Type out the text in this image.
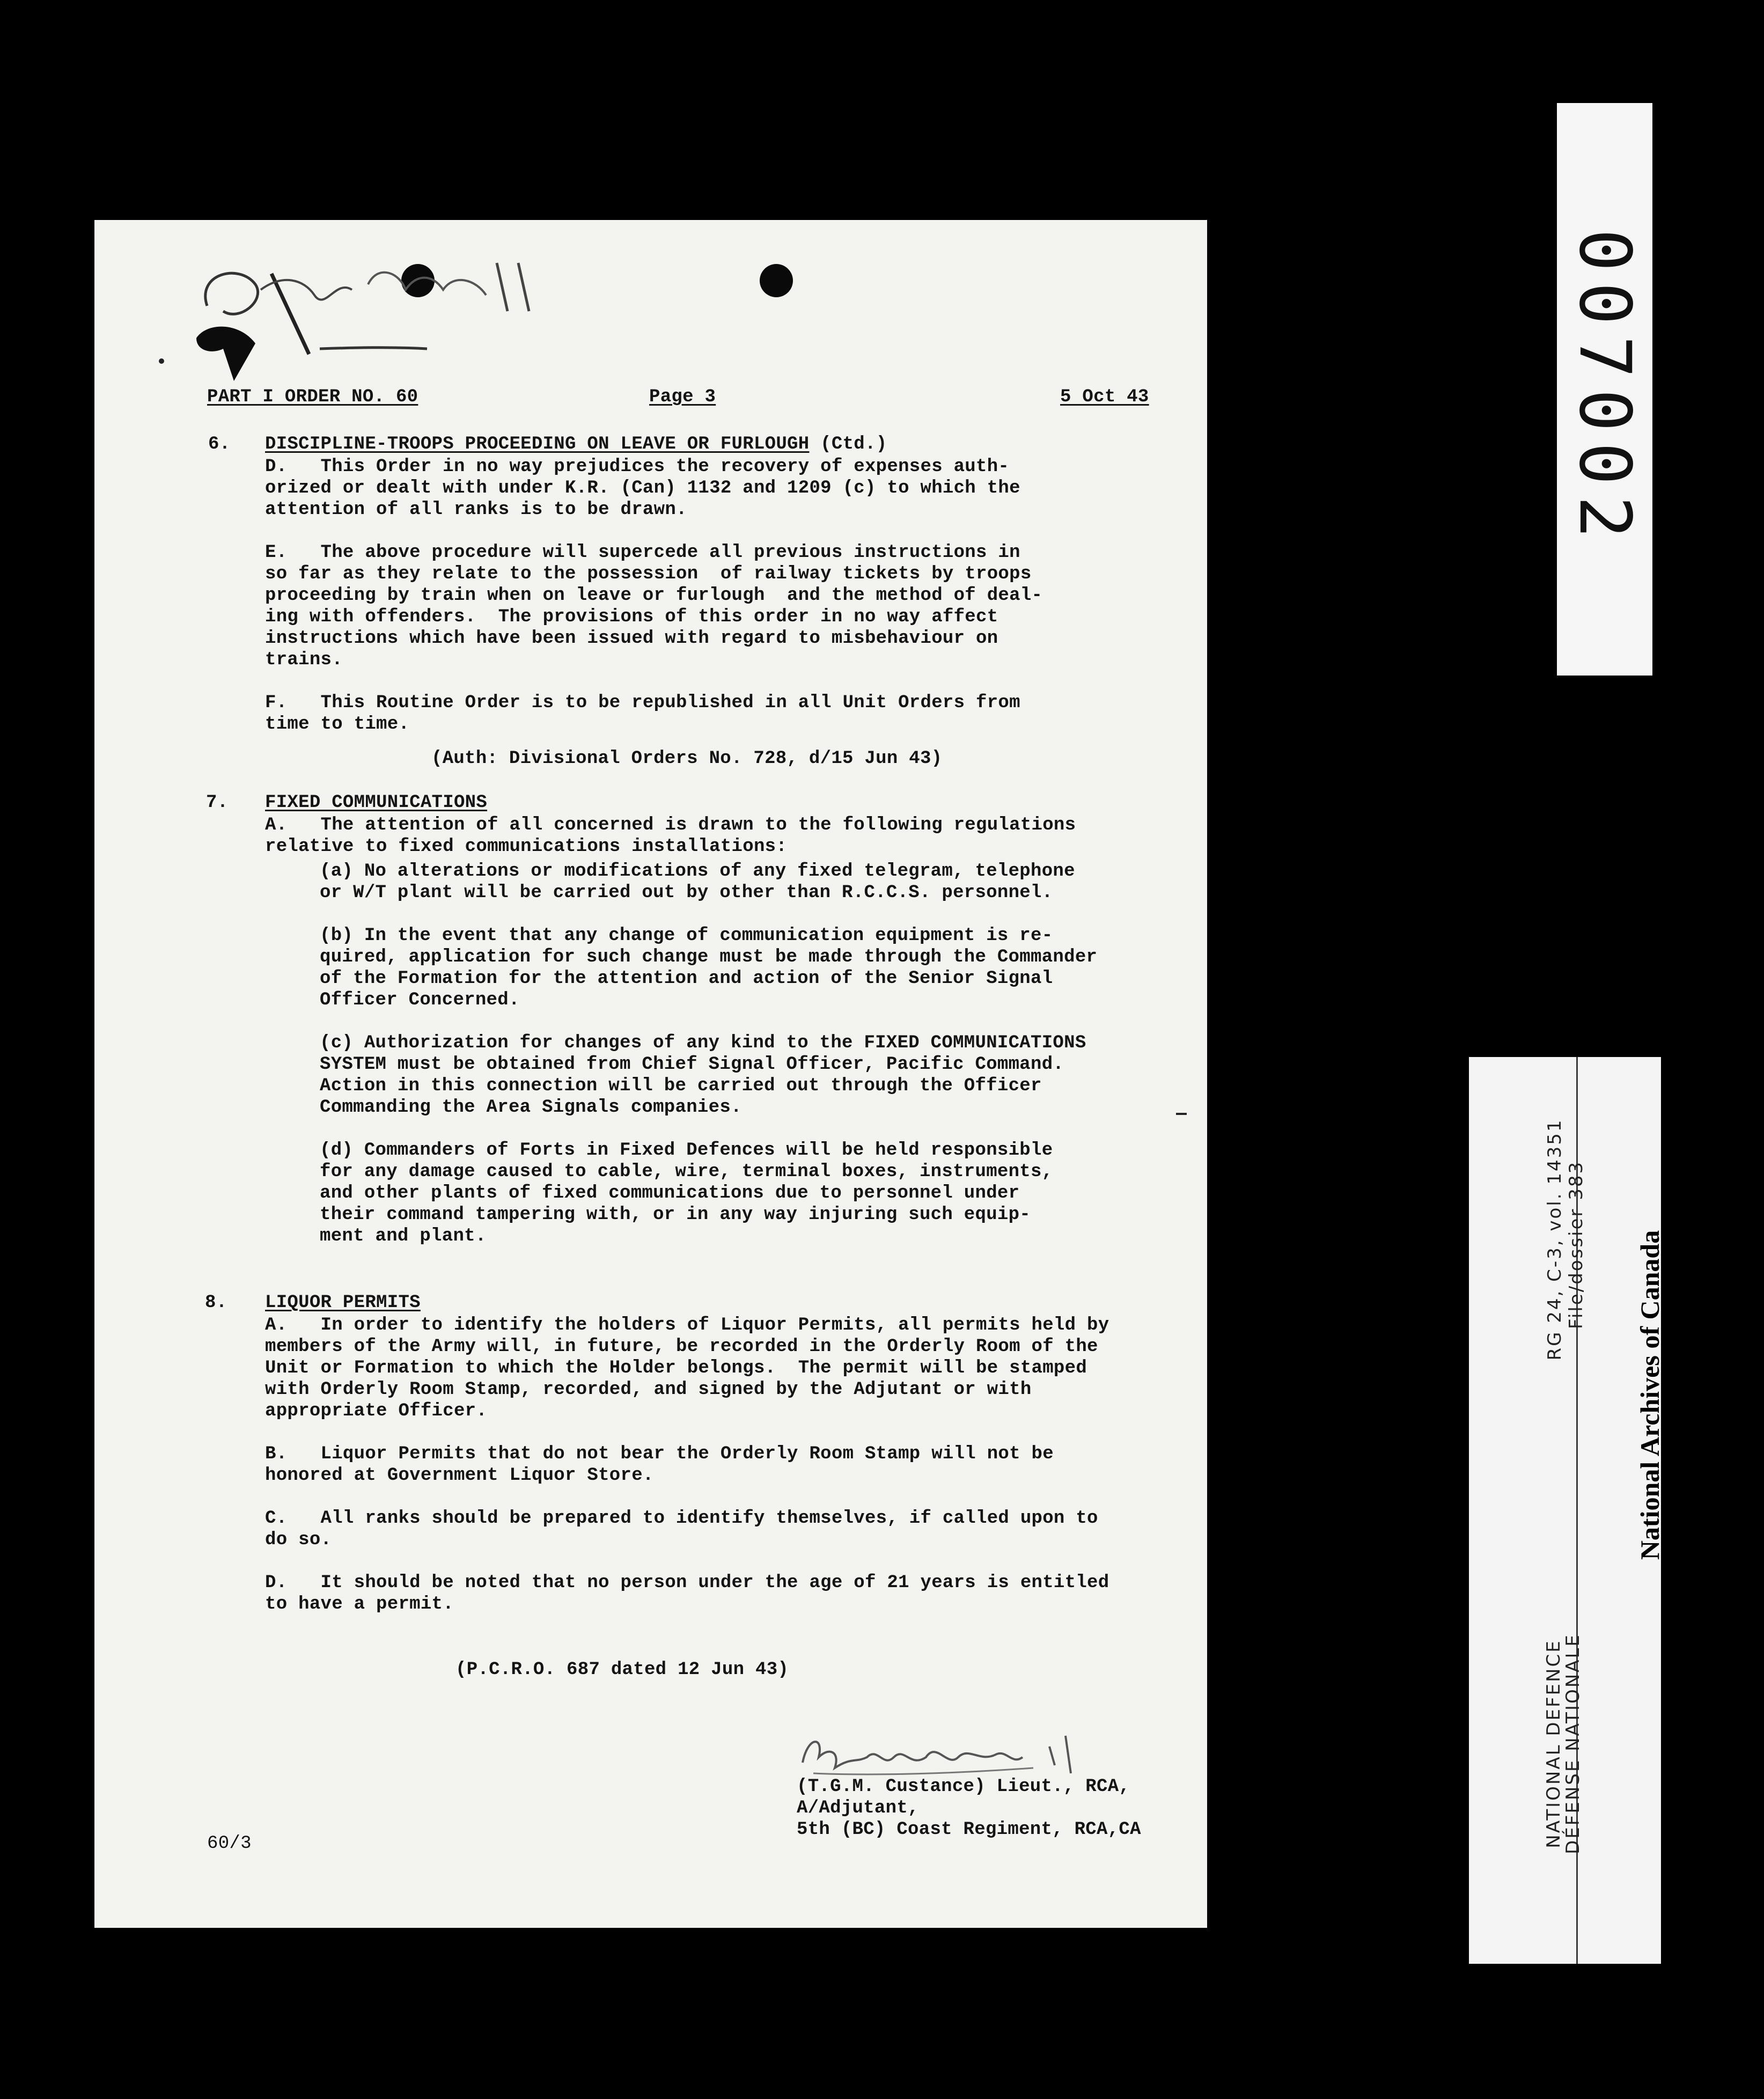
PART I ORDER NO. 60	Page 3	5 Oct 43
6. DISCIPLINE-TROOPS PROCEEDING ON LEAVE OR FURLOUGH (Ctd.)
D.   This Order in no way prejudices the recovery of expenses auth-
orized or dealt with under K.R. (Can) 1132 and 1209 (c) to which the
attention of all ranks is to be drawn.

E.   The above procedure will supercede all previous instructions in
so far as they relate to the possession  of railway tickets by troops
proceeding by train when on leave or furlough  and the method of deal-
ing with offenders.  The provisions of this order in no way affect
instructions which have been issued with regard to misbehaviour on
trains.

F.   This Routine Order is to be republished in all Unit Orders from
time to time.
(Auth: Divisional Orders No. 728, d/15 Jun 43)
7. FIXED COMMUNICATIONS
A.   The attention of all concerned is drawn to the following regulations
relative to fixed communications installations:
(a) No alterations or modifications of any fixed telegram, telephone
or W/T plant will be carried out by other than R.C.C.S. personnel.

(b) In the event that any change of communication equipment is re-
quired, application for such change must be made through the Commander
of the Formation for the attention and action of the Senior Signal
Officer Concerned.

(c) Authorization for changes of any kind to the FIXED COMMUNICATIONS
SYSTEM must be obtained from Chief Signal Officer, Pacific Command.
Action in this connection will be carried out through the Officer
Commanding the Area Signals companies.

(d) Commanders of Forts in Fixed Defences will be held responsible
for any damage caused to cable, wire, terminal boxes, instruments,
and other plants of fixed communications due to personnel under
their command tampering with, or in any way injuring such equip-
ment and plant.
8. LIQUOR PERMITS
A.   In order to identify the holders of Liquor Permits, all permits held by
members of the Army will, in future, be recorded in the Orderly Room of the
Unit or Formation to which the Holder belongs.  The permit will be stamped
with Orderly Room Stamp, recorded, and signed by the Adjutant or with
appropriate Officer.

B.   Liquor Permits that do not bear the Orderly Room Stamp will not be
honored at Government Liquor Store.

C.   All ranks should be prepared to identify themselves, if called upon to
do so.

D.   It should be noted that no person under the age of 21 years is entitled
to have a permit.
(P.C.R.O. 687 dated 12 Jun 43)
(T.G.M. Custance) Lieut., RCA,
A/Adjutant,
5th (BC) Coast Regiment, RCA,CA
60/3
007002
RG 24, C-3, vol. 14351 File/dossier 383
NATIONAL DEFENCE
DÉFENSE NATIONALE
National Archives of Canada Archives nationales du Canada
